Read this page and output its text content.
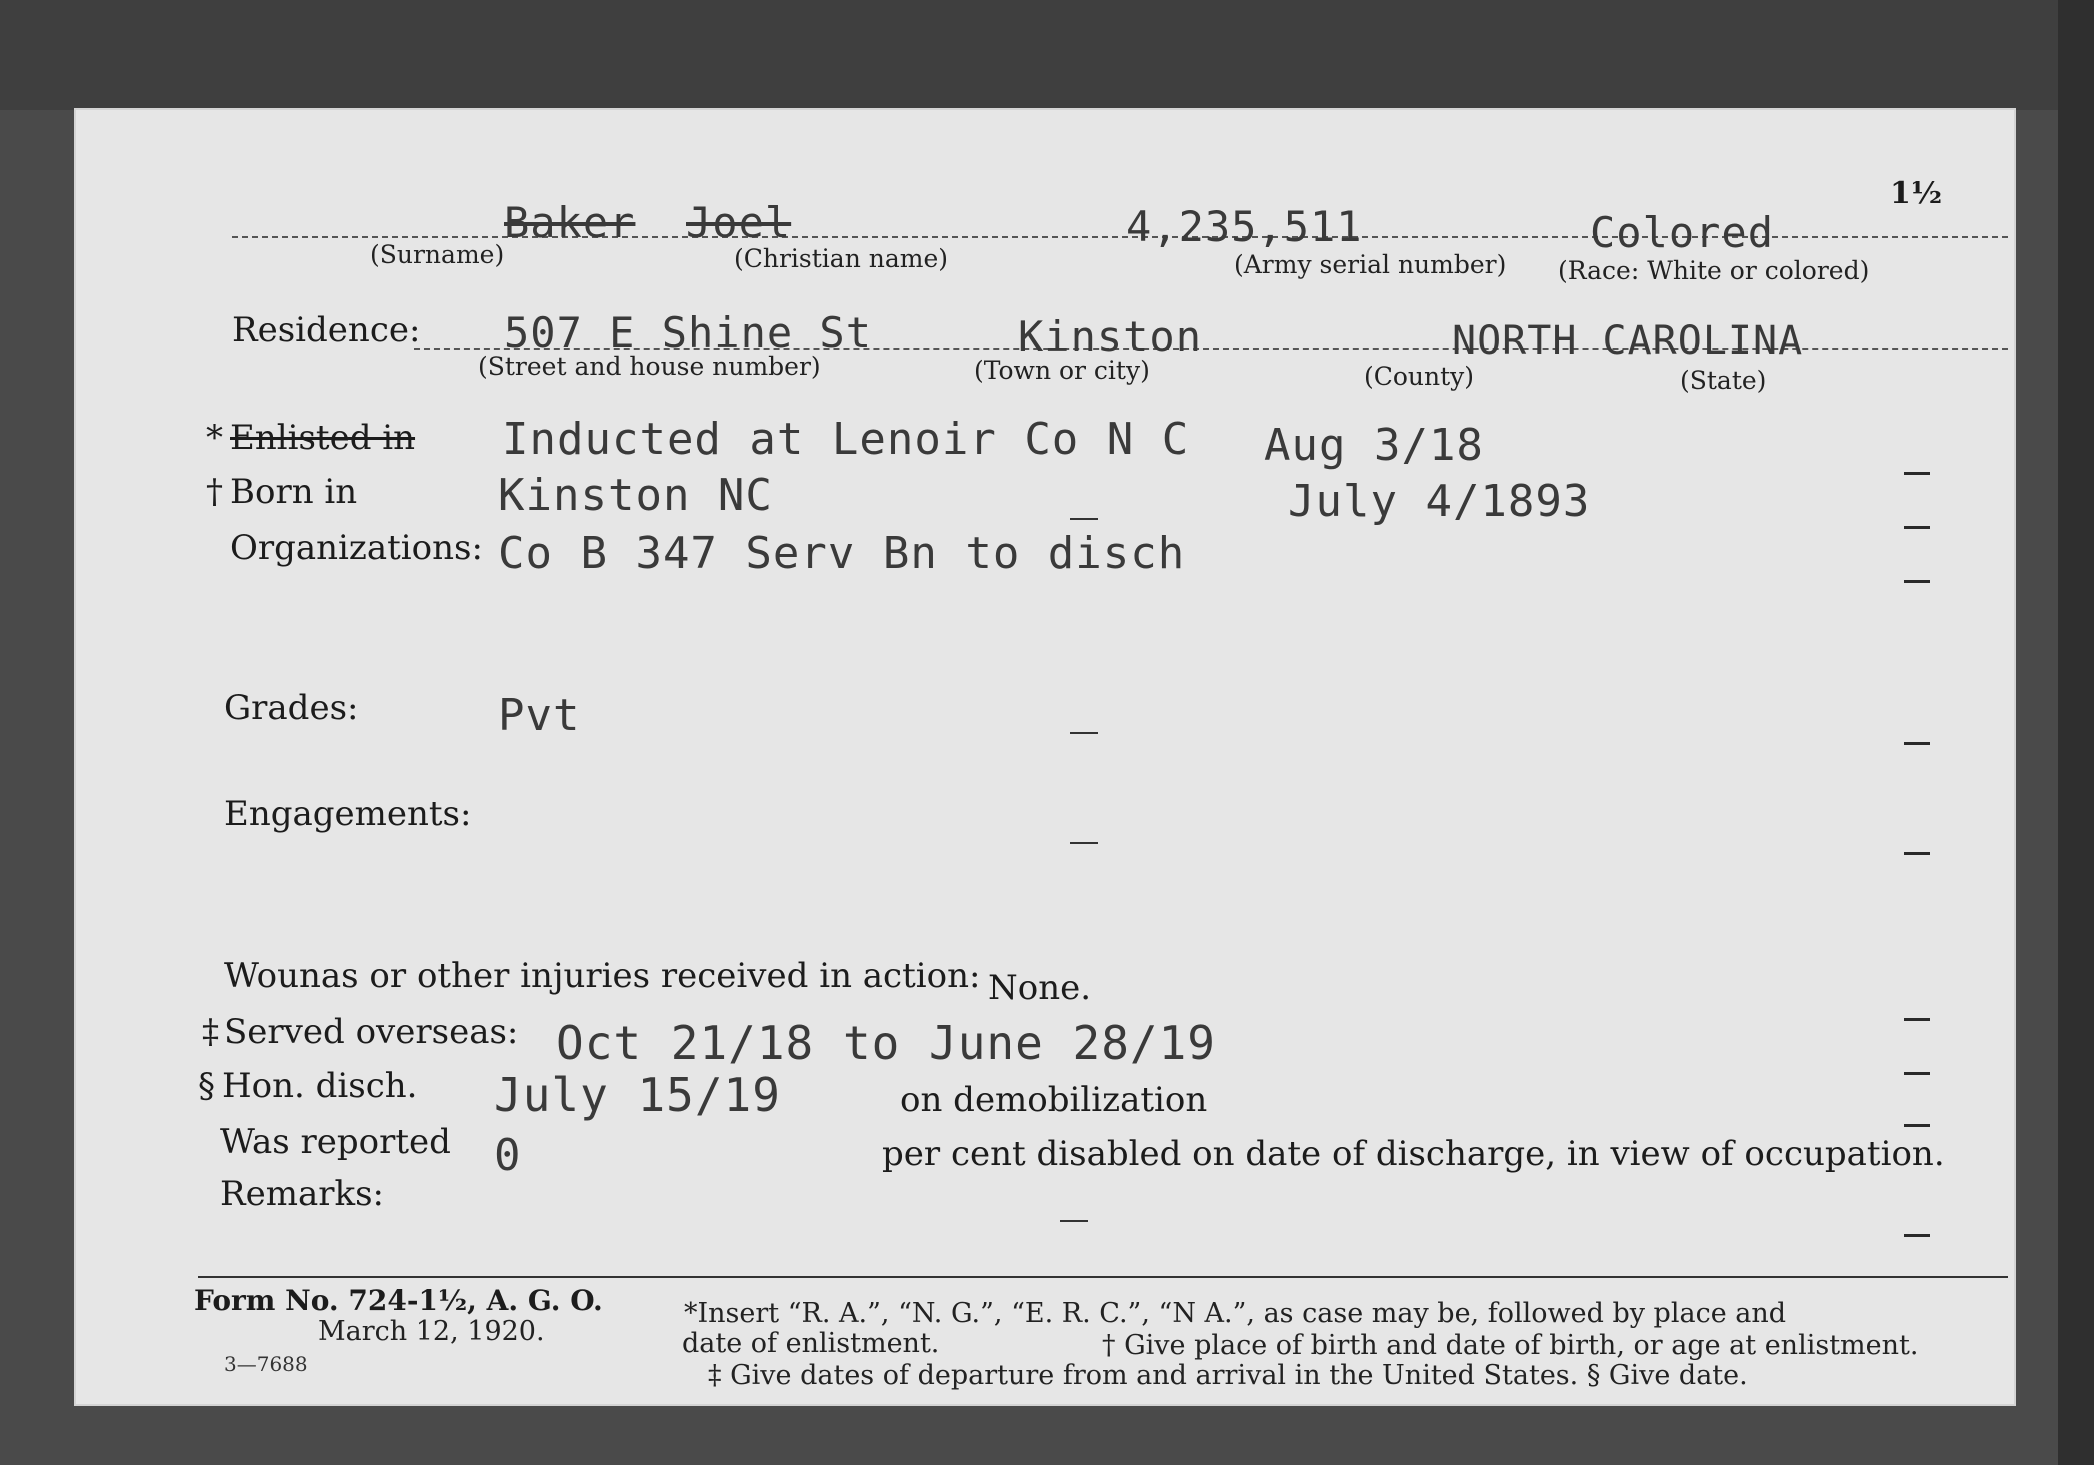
1½
Baker Joel	4,235,511	Colored
(Surname)	(Christian name)	(Army serial number) (Race: White or colored)
Residence: 507 E Shine St	Kinston	NORTH CAROLINA
(Street and house number)	(Town or city)	(County)	(State)
* Enlisted in Inducted at Lenoir Co N C Aug 3/18
† Born in	Kinston NC	July 4/1893
Organizations: Co B 347 Serv Bn to disch
Grades:	Pvt
Engagements:
Wounas or other injuries received in action: None.
‡ Served overseas: Oct 21/18 to June 28/19
§ Hon. disch. July 15/19	on demobilization
Was reported 0	per cent disabled on date of discharge, in view of occupation.
Remarks:
Form No. 724-1½, A. G. O.
March 12, 1920.
3—7688
*Insert “R. A.”, “N. G.”, “E. R. C.”, “N A.”, as case may be, followed by place and
date of enlistment.	† Give place of birth and date of birth, or age at enlistment.
‡ Give dates of departure from and arrival in the United States. § Give date.
